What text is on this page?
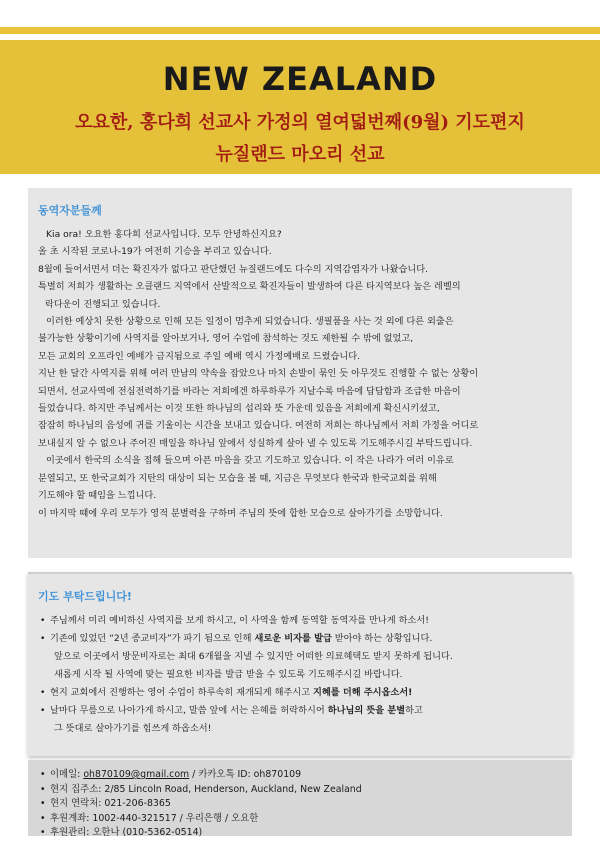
NEW ZEALAND
오요한, 홍다희 선교사 가정의 열여덟번째(9월) 기도편지
뉴질랜드 마오리 선교
동역자분들께
Kia ora! 오요한 홍다희 선교사입니다. 모두 안녕하신지요?
올 초 시작된 코로나-19가 여전히 기승을 부리고 있습니다.
8월에 들어서면서 더는 확진자가 없다고 판단했던 뉴질랜드에도 다수의 지역감염자가 나왔습니다.
특별히 저희가 생활하는 오클랜드 지역에서 산발적으로 확진자들이 발생하여 다른 타지역보다 높은 레벨의
락다운이 진행되고 있습니다.
이러한 예상치 못한 상황으로 인해 모든 일정이 멈추게 되었습니다. 생필품을 사는 것 외에 다른 외출은
불가능한 상황이기에 사역지를 알아보거나, 영어 수업에 참석하는 것도 제한될 수 밖에 없었고,
모든 교회의 오프라인 예배가 금지됨으로 주일 예배 역시 가정예배로 드렸습니다.
지난 한 달간 사역지를 위해 여러 만남의 약속을 잡았으나 마치 손발이 묶인 듯 아무것도 진행할 수 없는 상황이
되면서, 선교사역에 전심전력하기를 바라는 저희에겐 하루하루가 지날수록 마음에 답답함과 조급한 마음이
들었습니다. 하지만 주님께서는 이것 또한 하나님의 섭리와 뜻 가운데 있음을 저희에게 확신시키셨고,
잠잠히 하나님의 음성에 귀를 기울이는 시간을 보내고 있습니다. 여전히 저희는 하나님께서 저희 가정을 어디로
보내실지 알 수 없으나 주어진 매일을 하나님 앞에서 성실하게 살아 낼 수 있도록 기도해주시길 부탁드립니다.
이곳에서 한국의 소식을 접해 들으며 아픈 마음을 갖고 기도하고 있습니다. 이 작은 나라가 여러 이유로
분열되고, 또 한국교회가 지탄의 대상이 되는 모습을 볼 때, 지금은 무엇보다 한국과 한국교회를 위해
기도해야 할 때임을 느낍니다.
이 마지막 때에 우리 모두가 영적 분별력을 구하며 주님의 뜻에 합한 모습으로 살아가기를 소망합니다.
기도 부탁드립니다!
• 주님께서 미리 예비하신 사역지를 보게 하시고, 이 사역을 함께 동역할 동역자를 만나게 하소서!
• 기존에 있었던 “2년 종교비자”가 파기 됨으로 인해 새로운 비자를 발급 받아야 하는 상황입니다.
앞으로 이곳에서 방문비자로는 최대 6개월을 지낼 수 있지만 어떠한 의료혜택도 받지 못하게 됩니다.
새롭게 시작 될 사역에 맞는 필요한 비자를 발급 받을 수 있도록 기도해주시길 바랍니다.
• 현지 교회에서 진행하는 영어 수업이 하루속히 재개되게 해주시고 지혜를 더해 주시옵소서!
• 날마다 무릎으로 나아가게 하시고, 말씀 앞에 서는 은혜를 허락하시어 하나님의 뜻을 분별하고
그 뜻대로 살아가기를 힘쓰게 하옵소서!
• 이메일: oh870109@gmail.com / 카카오톡 ID: oh870109
• 현지 집주소: 2/85 Lincoln Road, Henderson, Auckland, New Zealand
• 현지 연락처: 021-206-8365
• 후원계좌: 1002-440-321517 / 우리은행 / 오요한
• 후원관리: 오한나 (010-5362-0514)
